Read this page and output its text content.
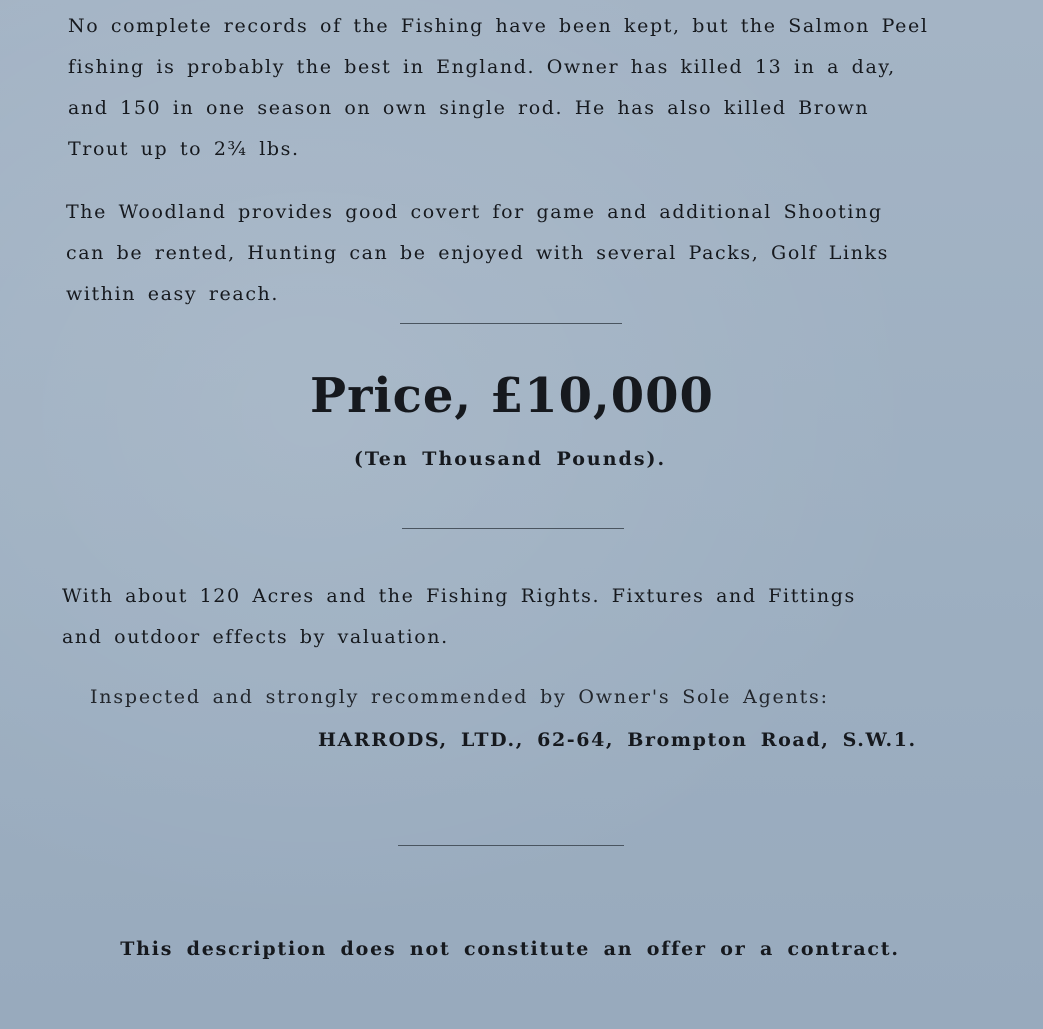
No complete records of the Fishing have been kept, but the Salmon Peel
fishing is probably the best in England. Owner has killed 13 in a day,
and 150 in one season on own single rod. He has also killed Brown
Trout up to 2¾ lbs.

The Woodland provides good covert for game and additional Shooting
can be rented, Hunting can be enjoyed with several Packs, Golf Links
within easy reach.

Price, £10,000

(Ten Thousand Pounds).

With about 120 Acres and the Fishing Rights. Fixtures and Fittings
and outdoor effects by valuation.

Inspected and strongly recommended by Owner's Sole Agents:
HARRODS, LTD., 62-64, Brompton Road, S.W.1.
This description does not constitute an offer or a contract.
